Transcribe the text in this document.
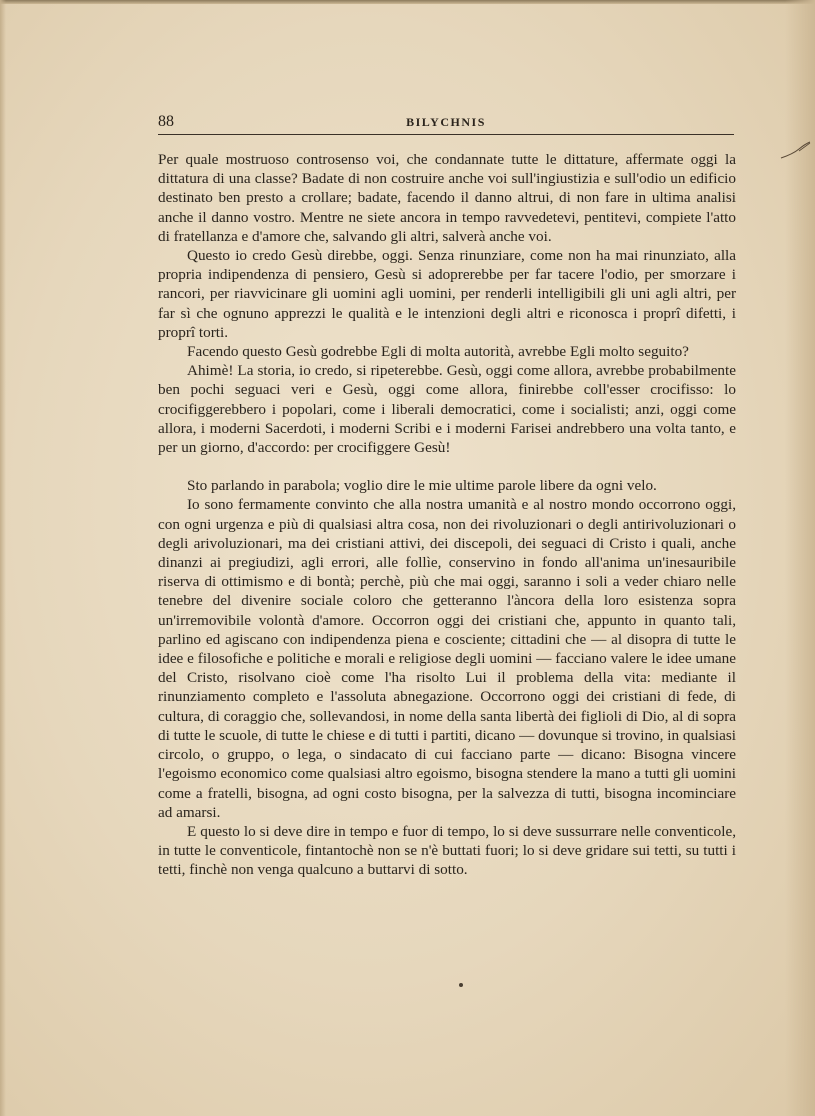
88	BILYCHNIS

Per quale mostruoso controsenso voi, che condannate tutte le dittature, affermate oggi la dittatura di una classe? Badate di non costruire anche voi sull'ingiustizia e sull'odio un edificio destinato ben presto a crollare; badate, facendo il danno altrui, di non fare in ultima analisi anche il danno vostro. Mentre ne siete ancora in tempo ravvedetevi, pentitevi, compiete l'atto di fratellanza e d'amore che, salvando gli altri, salverà anche voi.

Questo io credo Gesù direbbe, oggi. Senza rinunziare, come non ha mai rinunziato, alla propria indipendenza di pensiero, Gesù si adoprerebbe per far tacere l'odio, per smorzare i rancori, per riavvicinare gli uomini agli uomini, per renderli intelligibili gli uni agli altri, per far sì che ognuno apprezzi le qualità e le intenzioni degli altri e riconosca i proprî difetti, i proprî torti.

Facendo questo Gesù godrebbe Egli di molta autorità, avrebbe Egli molto seguito?

Ahimè! La storia, io credo, si ripeterebbe. Gesù, oggi come allora, avrebbe probabilmente ben pochi seguaci veri e Gesù, oggi come allora, finirebbe coll'esser crocifisso: lo crocifiggerebbero i popolari, come i liberali democratici, come i socialisti; anzi, oggi come allora, i moderni Sacerdoti, i moderni Scribi e i moderni Farisei andrebbero una volta tanto, e per un giorno, d'accordo: per crocifiggere Gesù!

Sto parlando in parabola; voglio dire le mie ultime parole libere da ogni velo.

Io sono fermamente convinto che alla nostra umanità e al nostro mondo occorrono oggi, con ogni urgenza e più di qualsiasi altra cosa, non dei rivoluzionari o degli antirivoluzionari o degli arivoluzionari, ma dei cristiani attivi, dei discepoli, dei seguaci di Cristo i quali, anche dinanzi ai pregiudizi, agli errori, alle follìe, conservino in fondo all'anima un'inesauribile riserva di ottimismo e di bontà; perchè, più che mai oggi, saranno i soli a veder chiaro nelle tenebre del divenire sociale coloro che getteranno l'àncora della loro esistenza sopra un'irremovibile volontà d'amore. Occorron oggi dei cristiani che, appunto in quanto tali, parlino ed agiscano con indipendenza piena e cosciente; cittadini che — al disopra di tutte le idee e filosofiche e politiche e morali e religiose degli uomini — facciano valere le idee umane del Cristo, risolvano cioè come l'ha risolto Lui il problema della vita: mediante il rinunziamento completo e l'assoluta abnegazione. Occorrono oggi dei cristiani di fede, di cultura, di coraggio che, sollevandosi, in nome della santa libertà dei figlioli di Dio, al di sopra di tutte le scuole, di tutte le chiese e di tutti i partiti, dicano — dovunque si trovino, in qualsiasi circolo, o gruppo, o lega, o sindacato di cui facciano parte — dicano: Bisogna vincere l'egoismo economico come qualsiasi altro egoismo, bisogna stendere la mano a tutti gli uomini come a fratelli, bisogna, ad ogni costo bisogna, per la salvezza di tutti, bisogna incominciare ad amarsi.

E questo lo si deve dire in tempo e fuor di tempo, lo si deve sussurrare nelle conventicole, in tutte le conventicole, fintantochè non se n'è buttati fuori; lo si deve gridare sui tetti, su tutti i tetti, finchè non venga qualcuno a buttarvi di sotto.
